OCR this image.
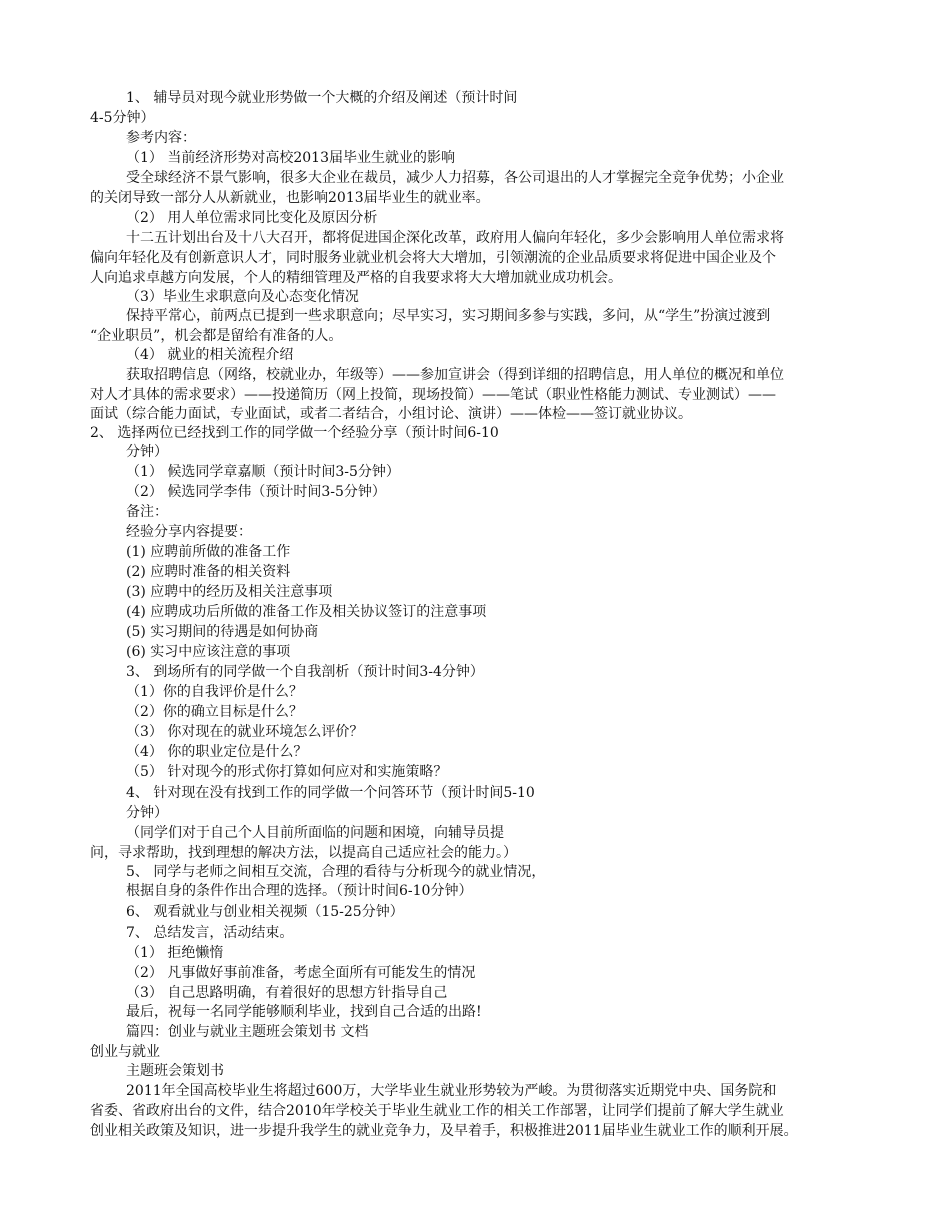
1、 辅导员对现今就业形势做一个大概的介绍及阐述（预计时间
4-5分钟）
参考内容：
（1） 当前经济形势对高校2013届毕业生就业的影响
受全球经济不景气影响，很多大企业在裁员，减少人力招募，各公司退出的人才掌握完全竞争优势；小企业
的关闭导致一部分人从新就业，也影响2013届毕业生的就业率。
（2） 用人单位需求同比变化及原因分析
十二五计划出台及十八大召开，都将促进国企深化改革，政府用人偏向年轻化，多少会影响用人单位需求将
偏向年轻化及有创新意识人才，同时服务业就业机会将大大增加，引领潮流的企业品质要求将促进中国企业及个
人向追求卓越方向发展，个人的精细管理及严格的自我要求将大大增加就业成功机会。
（3）毕业生求职意向及心态变化情况
保持平常心，前两点已提到一些求职意向；尽早实习，实习期间多参与实践，多问，从“学生”扮演过渡到
“企业职员”，机会都是留给有准备的人。
（4） 就业的相关流程介绍
获取招聘信息（网络，校就业办，年级等）——参加宣讲会（得到详细的招聘信息，用人单位的概况和单位
对人才具体的需求要求）——投递简历（网上投简，现场投简）——笔试（职业性格能力测试、专业测试）——
面试（综合能力面试，专业面试，或者二者结合，小组讨论、演讲）——体检——签订就业协议。
2、 选择两位已经找到工作的同学做一个经验分享（预计时间6-10
分钟）
（1） 候选同学章嘉顺（预计时间3-5分钟）
（2） 候选同学李伟（预计时间3-5分钟）
备注：
经验分享内容提要：
(1) 应聘前所做的准备工作
(2) 应聘时准备的相关资料
(3) 应聘中的经历及相关注意事项
(4) 应聘成功后所做的准备工作及相关协议签订的注意事项
(5) 实习期间的待遇是如何协商
(6) 实习中应该注意的事项
3、 到场所有的同学做一个自我剖析（预计时间3-4分钟）
（1）你的自我评价是什么？
（2）你的确立目标是什么？
（3） 你对现在的就业环境怎么评价？
（4） 你的职业定位是什么？
（5） 针对现今的形式你打算如何应对和实施策略？
4、 针对现在没有找到工作的同学做一个问答环节（预计时间5-10
分钟）
（同学们对于自己个人目前所面临的问题和困境，向辅导员提
问，寻求帮助，找到理想的解决方法，以提高自己适应社会的能力。）
5、 同学与老师之间相互交流，合理的看待与分析现今的就业情况，
根据自身的条件作出合理的选择。（预计时间6-10分钟）
6、 观看就业与创业相关视频（15-25分钟）
7、 总结发言，活动结束。
（1） 拒绝懒惰
（2） 凡事做好事前准备，考虑全面所有可能发生的情况
（3） 自己思路明确，有着很好的思想方针指导自己
最后，祝每一名同学能够顺利毕业，找到自己合适的出路!
篇四：创业与就业主题班会策划书 文档
创业与就业
主题班会策划书
2011年全国高校毕业生将超过600万，大学毕业生就业形势较为严峻。为贯彻落实近期党中央、国务院和
省委、省政府出台的文件，结合2010年学校关于毕业生就业工作的相关工作部署，让同学们提前了解大学生就业
创业相关政策及知识，进一步提升我学生的就业竞争力，及早着手，积极推进2011届毕业生就业工作的顺利开展。
